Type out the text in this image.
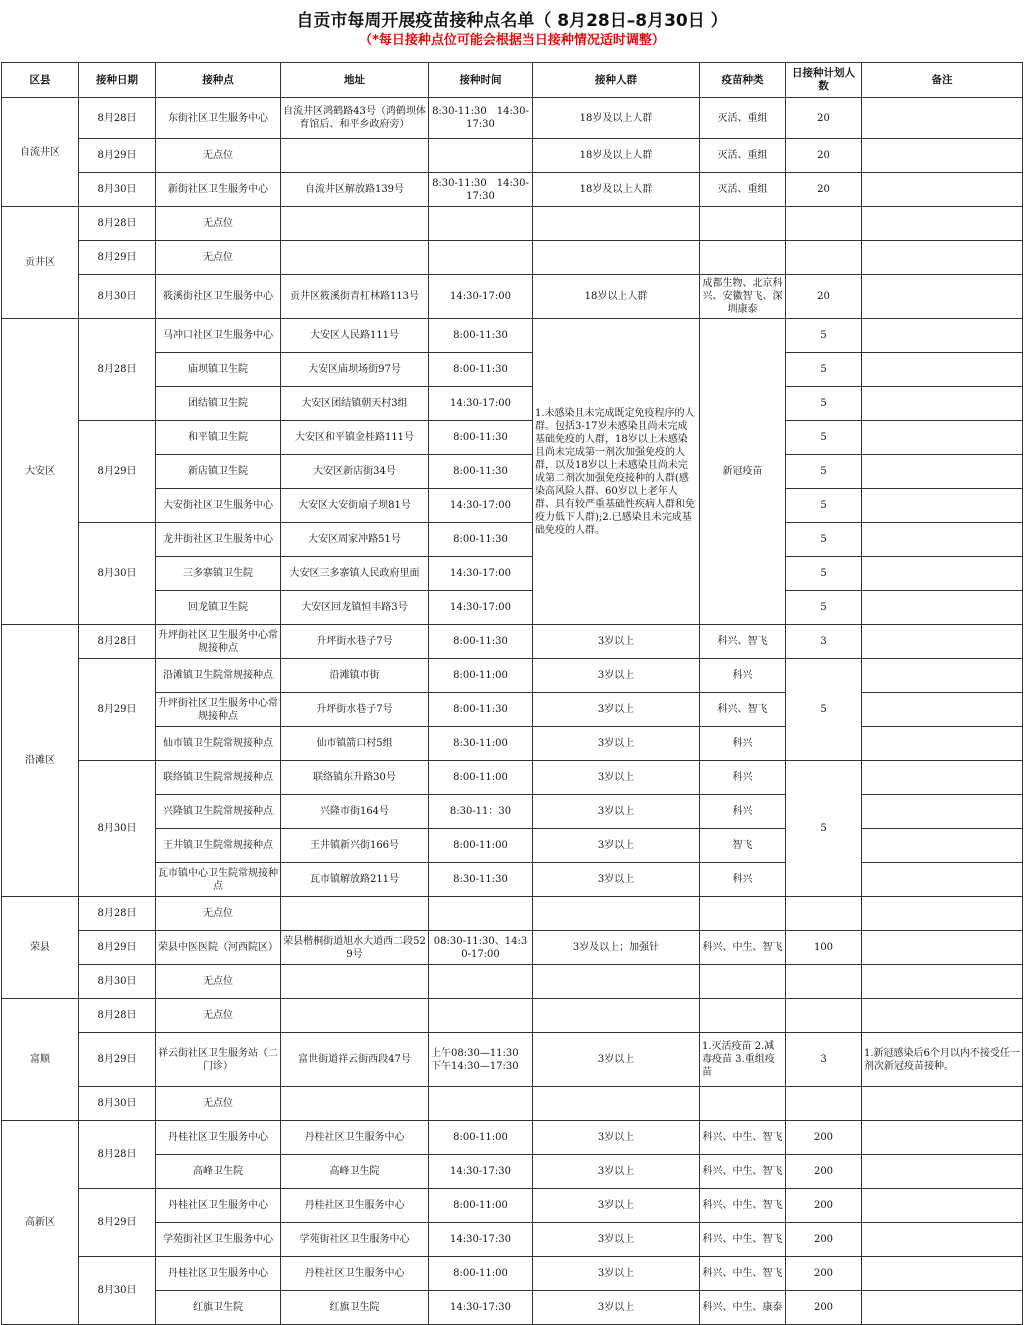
自贡市每周开展疫苗接种点名单（ 8月28日–8月30日 ）
（*每日接种点位可能会根据当日接种情况适时调整）
区县	接种日期	接种点	地址	接种时间	接种人群	疫苗种类	日接种计划人数	备注
自流井区	8月28日	东街社区卫生服务中心	自流井区鸿鹤路43号（鸿鹤坝体育馆后、和平乡政府旁）	8:30-11:30　14:30-17:30	18岁及以上人群	灭活、重组	20	
	8月29日	无点位			18岁及以上人群	灭活、重组	20	
	8月30日	新街社区卫生服务中心	自流井区解放路139号	8:30-11:30　14:30-17:30	18岁及以上人群	灭活、重组	20	
贡井区	8月28日	无点位						
	8月29日	无点位						
	8月30日	筱溪街社区卫生服务中心	贡井区筱溪街青杠林路113号	14:30-17:00	18岁以上人群	成都生物、北京科兴、安徽智飞、深圳康泰	20	
大安区	8月28日	马冲口社区卫生服务中心	大安区人民路111号	8:00-11:30	1.未感染且未完成既定免疫程序的人群。包括3-17岁未感染且尚未完成基础免疫的人群，18岁以上未感染且尚未完成第一剂次加强免疫的人群，以及18岁以上未感染且尚未完成第二剂次加强免疫接种的人群(感染高风险人群、60岁以上老年人群、具有较严重基础性疾病人群和免疫力低下人群);2.已感染且未完成基础免疫的人群。	新冠疫苗	5	
		庙坝镇卫生院	大安区庙坝场街97号	8:00-11:30			5	
		团结镇卫生院	大安区团结镇朝天村3组	14:30-17:00			5	
	8月29日	和平镇卫生院	大安区和平镇金桂路111号	8:00-11:30			5	
		新店镇卫生院	大安区新店街34号	8:00-11:30			5	
		大安街社区卫生服务中心	大安区大安街扇子坝81号	14:30-17:00			5	
	8月30日	龙井街社区卫生服务中心	大安区周家冲路51号	8:00-11:30			5	
		三多寨镇卫生院	大安区三多寨镇人民政府里面	14:30-17:00			5	
		回龙镇卫生院	大安区回龙镇恒丰路3号	14:30-17:00			5	
沿滩区	8月28日	升坪街社区卫生服务中心常规接种点	升坪街水巷子7号	8:00-11:30	3岁以上	科兴、智飞	3	
	8月29日	沿滩镇卫生院常规接种点	沿滩镇市街	8:00-11:00	3岁以上	科兴	5	
		升坪街社区卫生服务中心常规接种点	升坪街水巷子7号	8:00-11:30	3岁以上	科兴、智飞		
		仙市镇卫生院常规接种点	仙市镇箭口村5组	8:30-11:00	3岁以上	科兴		
	8月30日	联络镇卫生院常规接种点	联络镇东升路30号	8:00-11:00	3岁以上	科兴	5	
		兴隆镇卫生院常规接种点	兴隆市街164号	8:30-11：30	3岁以上	科兴		
		王井镇卫生院常规接种点	王井镇新兴街166号	8:00-11:00	3岁以上	智飞		
		瓦市镇中心卫生院常规接种点	瓦市镇解放路211号	8:30-11:30	3岁以上	科兴		
荣县	8月28日	无点位						
	8月29日	荣县中医医院（河西院区）	荣县楷桐街道旭水大道西二段529号	08:30-11:30、14:30-17:00	3岁及以上；加强针	科兴、中生、智飞	100	
	8月30日	无点位						
富顺	8月28日	无点位						
	8月29日	祥云街社区卫生服务站（二门诊）	富世街道祥云街西段47号	上午08:30—11:30 下午14:30—17:30	3岁以上	1.灭活疫苗 2.减毒疫苗 3.重组疫苗	3	1.新冠感染后6个月以内不接受任一剂次新冠疫苗接种。
	8月30日	无点位						
高新区	8月28日	丹桂社区卫生服务中心	丹桂社区卫生服务中心	8:00-11:00	3岁以上	科兴、中生、智飞	200	
		高峰卫生院	高峰卫生院	14:30-17:30	3岁以上	科兴、中生、智飞	200	
	8月29日	丹桂社区卫生服务中心	丹桂社区卫生服务中心	8:00-11:00	3岁以上	科兴、中生、智飞	200	
		学苑街社区卫生服务中心	学苑街社区卫生服务中心	14:30-17:30	3岁以上	科兴、中生、智飞	200	
	8月30日	丹桂社区卫生服务中心	丹桂社区卫生服务中心	8:00-11:00	3岁以上	科兴、中生、智飞	200	
		红旗卫生院	红旗卫生院	14:30-17:30	3岁以上	科兴、中生、康泰	200	
